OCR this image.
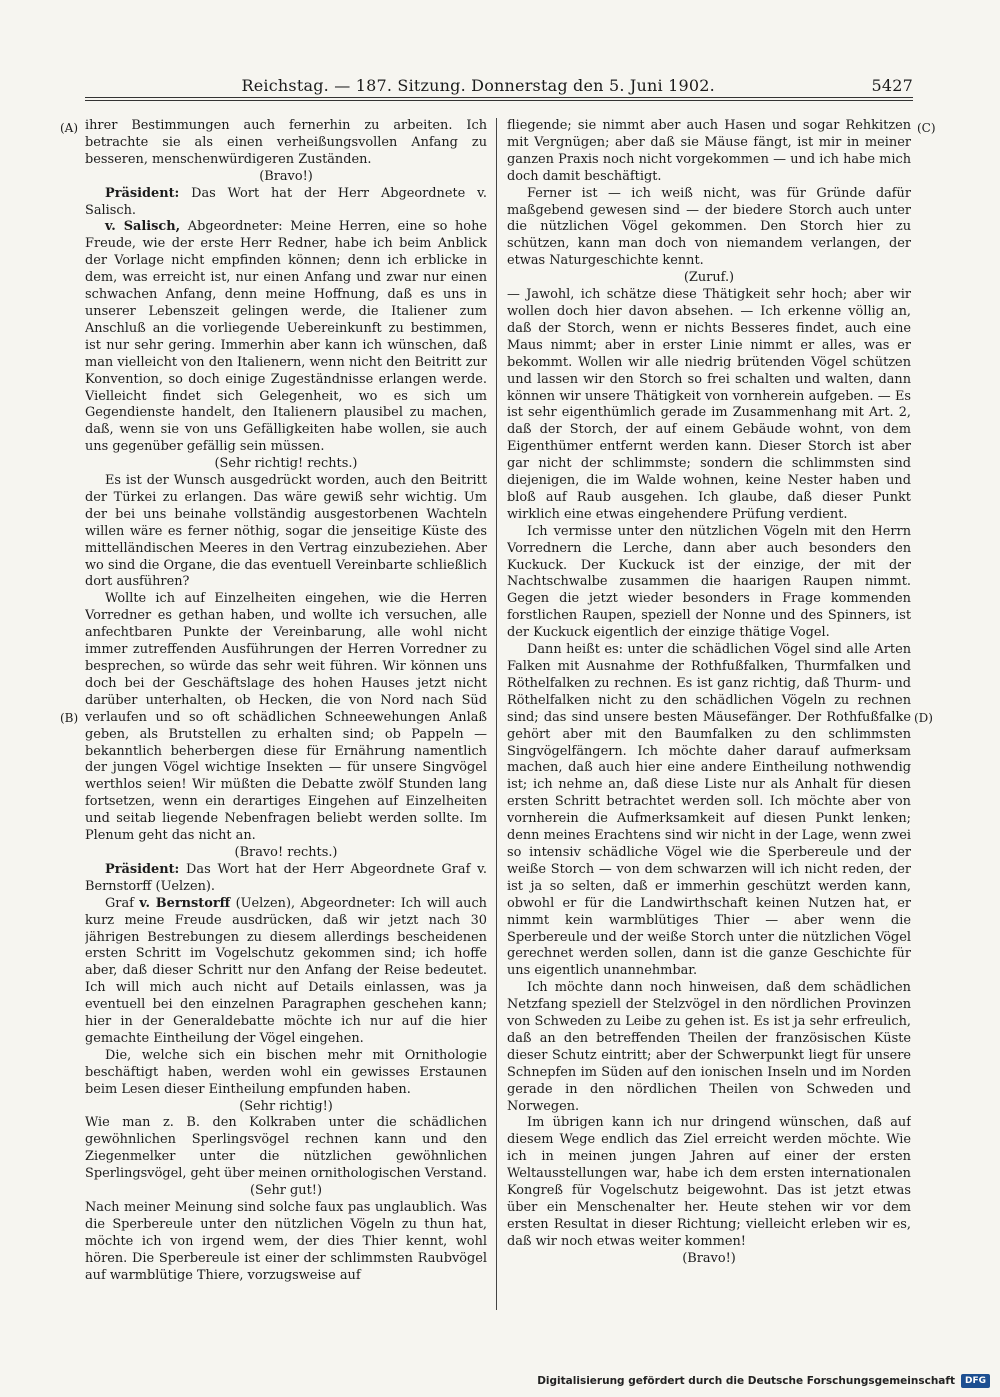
Reichstag. — 187. Sitzung. Donnerstag den 5. Juni 1902.	5427
(A)
(B)
(C)
(D)

ihrer Bestimmungen auch fernerhin zu arbeiten. Ich betrachte sie als einen verheißungsvollen Anfang zu besseren, menschenwürdigeren Zuständen.

(Bravo!)

Präsident: Das Wort hat der Herr Abgeordnete v. Salisch.

v. Salisch, Abgeordneter: Meine Herren, eine so hohe Freude, wie der erste Herr Redner, habe ich beim Anblick der Vorlage nicht empfinden können; denn ich erblicke in dem, was erreicht ist, nur einen Anfang und zwar nur einen schwachen Anfang, denn meine Hoffnung, daß es uns in unserer Lebenszeit gelingen werde, die Italiener zum Anschluß an die vorliegende Uebereinkunft zu bestimmen, ist nur sehr gering. Immerhin aber kann ich wünschen, daß man vielleicht von den Italienern, wenn nicht den Beitritt zur Konvention, so doch einige Zugeständnisse erlangen werde. Vielleicht findet sich Gelegenheit, wo es sich um Gegendienste handelt, den Italienern plausibel zu machen, daß, wenn sie von uns Gefälligkeiten habe wollen, sie auch uns gegenüber gefällig sein müssen.

(Sehr richtig! rechts.)

Es ist der Wunsch ausgedrückt worden, auch den Beitritt der Türkei zu erlangen. Das wäre gewiß sehr wichtig. Um der bei uns beinahe vollständig ausgestorbenen Wachteln willen wäre es ferner nöthig, sogar die jenseitige Küste des mittelländischen Meeres in den Vertrag einzubeziehen. Aber wo sind die Organe, die das eventuell Vereinbarte schließlich dort ausführen?

Wollte ich auf Einzelheiten eingehen, wie die Herren Vorredner es gethan haben, und wollte ich versuchen, alle anfechtbaren Punkte der Vereinbarung, alle wohl nicht immer zutreffenden Ausführungen der Herren Vorredner zu besprechen, so würde das sehr weit führen. Wir können uns doch bei der Geschäftslage des hohen Hauses jetzt nicht darüber unterhalten, ob Hecken, die von Nord nach Süd verlaufen und so oft schädlichen Schneewehungen Anlaß geben, als Brutstellen zu erhalten sind; ob Pappeln — bekanntlich beherbergen diese für Ernährung namentlich der jungen Vögel wichtige Insekten — für unsere Singvögel werthlos seien! Wir müßten die Debatte zwölf Stunden lang fortsetzen, wenn ein derartiges Eingehen auf Einzelheiten und seitab liegende Nebenfragen beliebt werden sollte. Im Plenum geht das nicht an.

(Bravo! rechts.)

Präsident: Das Wort hat der Herr Abgeordnete Graf v. Bernstorff (Uelzen).

Graf v. Bernstorff (Uelzen), Abgeordneter: Ich will auch kurz meine Freude ausdrücken, daß wir jetzt nach 30 jährigen Bestrebungen zu diesem allerdings bescheidenen ersten Schritt im Vogelschutz gekommen sind; ich hoffe aber, daß dieser Schritt nur den Anfang der Reise bedeutet. Ich will mich auch nicht auf Details einlassen, was ja eventuell bei den einzelnen Paragraphen geschehen kann; hier in der Generaldebatte möchte ich nur auf die hier gemachte Eintheilung der Vögel eingehen.

Die, welche sich ein bischen mehr mit Ornithologie beschäftigt haben, werden wohl ein gewisses Erstaunen beim Lesen dieser Eintheilung empfunden haben.

(Sehr richtig!)

Wie man z. B. den Kolkraben unter die schädlichen gewöhnlichen Sperlingsvögel rechnen kann und den Ziegenmelker unter die nützlichen gewöhnlichen Sperlingsvögel, geht über meinen ornithologischen Verstand.

(Sehr gut!)

Nach meiner Meinung sind solche faux pas unglaublich. Was die Sperbereule unter den nützlichen Vögeln zu thun hat, möchte ich von irgend wem, der dies Thier kennt, wohl hören. Die Sperbereule ist einer der schlimmsten Raubvögel auf warmblütige Thiere, vorzugsweise auf

fliegende; sie nimmt aber auch Hasen und sogar Rehkitzen mit Vergnügen; aber daß sie Mäuse fängt, ist mir in meiner ganzen Praxis noch nicht vorgekommen — und ich habe mich doch damit beschäftigt.

Ferner ist — ich weiß nicht, was für Gründe dafür maßgebend gewesen sind — der biedere Storch auch unter die nützlichen Vögel gekommen. Den Storch hier zu schützen, kann man doch von niemandem verlangen, der etwas Naturgeschichte kennt.

(Zuruf.)

— Jawohl, ich schätze diese Thätigkeit sehr hoch; aber wir wollen doch hier davon absehen. — Ich erkenne völlig an, daß der Storch, wenn er nichts Besseres findet, auch eine Maus nimmt; aber in erster Linie nimmt er alles, was er bekommt. Wollen wir alle niedrig brütenden Vögel schützen und lassen wir den Storch so frei schalten und walten, dann können wir unsere Thätigkeit von vornherein aufgeben. — Es ist sehr eigenthümlich gerade im Zusammenhang mit Art. 2, daß der Storch, der auf einem Gebäude wohnt, von dem Eigenthümer entfernt werden kann. Dieser Storch ist aber gar nicht der schlimmste; sondern die schlimmsten sind diejenigen, die im Walde wohnen, keine Nester haben und bloß auf Raub ausgehen. Ich glaube, daß dieser Punkt wirklich eine etwas eingehendere Prüfung verdient.

Ich vermisse unter den nützlichen Vögeln mit den Herrn Vorrednern die Lerche, dann aber auch besonders den Kuckuck. Der Kuckuck ist der einzige, der mit der Nachtschwalbe zusammen die haarigen Raupen nimmt. Gegen die jetzt wieder besonders in Frage kommenden forstlichen Raupen, speziell der Nonne und des Spinners, ist der Kuckuck eigentlich der einzige thätige Vogel.

Dann heißt es: unter die schädlichen Vögel sind alle Arten Falken mit Ausnahme der Rothfußfalken, Thurmfalken und Röthelfalken zu rechnen. Es ist ganz richtig, daß Thurm- und Röthelfalken nicht zu den schädlichen Vögeln zu rechnen sind; das sind unsere besten Mäusefänger. Der Rothfußfalke gehört aber mit den Baumfalken zu den schlimmsten Singvögelfängern. Ich möchte daher darauf aufmerksam machen, daß auch hier eine andere Eintheilung nothwendig ist; ich nehme an, daß diese Liste nur als Anhalt für diesen ersten Schritt betrachtet werden soll. Ich möchte aber von vornherein die Aufmerksamkeit auf diesen Punkt lenken; denn meines Erachtens sind wir nicht in der Lage, wenn zwei so intensiv schädliche Vögel wie die Sperbereule und der weiße Storch — von dem schwarzen will ich nicht reden, der ist ja so selten, daß er immerhin geschützt werden kann, obwohl er für die Landwirthschaft keinen Nutzen hat, er nimmt kein warmblütiges Thier — aber wenn die Sperbereule und der weiße Storch unter die nützlichen Vögel gerechnet werden sollen, dann ist die ganze Geschichte für uns eigentlich unannehmbar.

Ich möchte dann noch hinweisen, daß dem schädlichen Netzfang speziell der Stelzvögel in den nördlichen Provinzen von Schweden zu Leibe zu gehen ist. Es ist ja sehr erfreulich, daß an den betreffenden Theilen der französischen Küste dieser Schutz eintritt; aber der Schwerpunkt liegt für unsere Schnepfen im Süden auf den ionischen Inseln und im Norden gerade in den nördlichen Theilen von Schweden und Norwegen.

Im übrigen kann ich nur dringend wünschen, daß auf diesem Wege endlich das Ziel erreicht werden möchte. Wie ich in meinen jungen Jahren auf einer der ersten Weltausstellungen war, habe ich dem ersten internationalen Kongreß für Vogelschutz beigewohnt. Das ist jetzt etwas über ein Menschenalter her. Heute stehen wir vor dem ersten Resultat in dieser Richtung; vielleicht erleben wir es, daß wir noch etwas weiter kommen!

(Bravo!)

Digitalisierung gefördert durch die Deutsche Forschungsgemeinschaft	DFG
